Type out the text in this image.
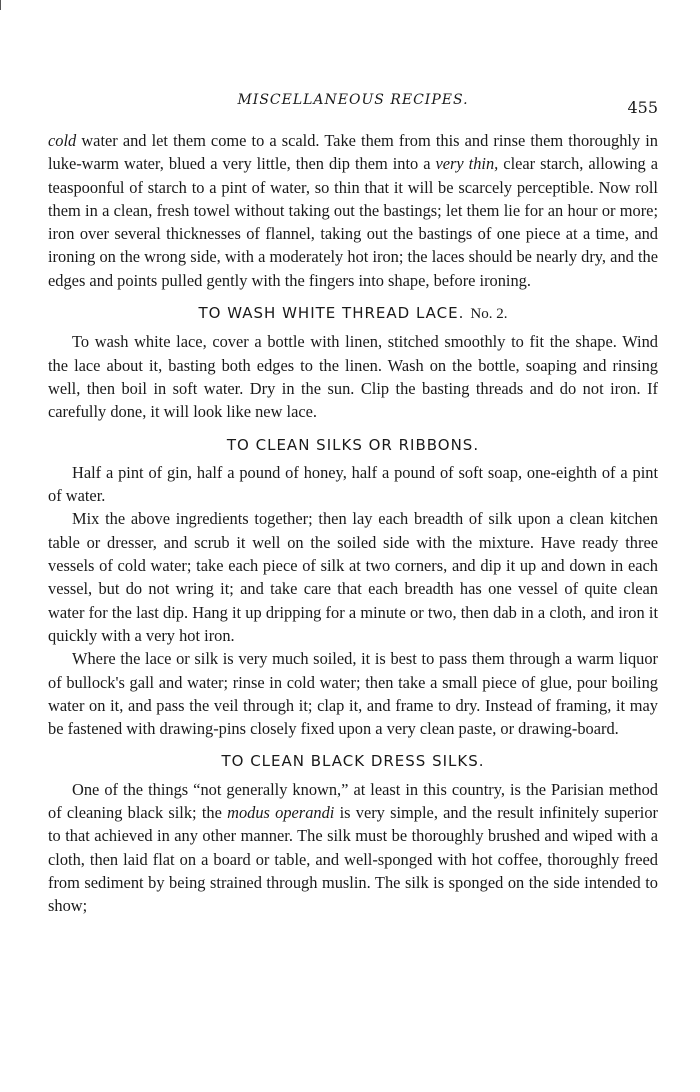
MISCELLANEOUS RECIPES.	455

cold water and let them come to a scald. Take them from this and rinse them thoroughly in luke-warm water, blued a very little, then dip them into a very thin, clear starch, allowing a teaspoonful of starch to a pint of water, so thin that it will be scarcely perceptible. Now roll them in a clean, fresh towel without taking out the bastings; let them lie for an hour or more; iron over several thicknesses of flannel, taking out the bastings of one piece at a time, and ironing on the wrong side, with a moderately hot iron; the laces should be nearly dry, and the edges and points pulled gently with the fingers into shape, before ironing.

TO WASH WHITE THREAD LACE. No. 2.

To wash white lace, cover a bottle with linen, stitched smoothly to fit the shape. Wind the lace about it, basting both edges to the linen. Wash on the bottle, soaping and rinsing well, then boil in soft water. Dry in the sun. Clip the basting threads and do not iron. If carefully done, it will look like new lace.

TO CLEAN SILKS OR RIBBONS.

Half a pint of gin, half a pound of honey, half a pound of soft soap, one-eighth of a pint of water.

Mix the above ingredients together; then lay each breadth of silk upon a clean kitchen table or dresser, and scrub it well on the soiled side with the mixture. Have ready three vessels of cold water; take each piece of silk at two corners, and dip it up and down in each vessel, but do not wring it; and take care that each breadth has one vessel of quite clean water for the last dip. Hang it up dripping for a minute or two, then dab in a cloth, and iron it quickly with a very hot iron.

Where the lace or silk is very much soiled, it is best to pass them through a warm liquor of bullock's gall and water; rinse in cold water; then take a small piece of glue, pour boiling water on it, and pass the veil through it; clap it, and frame to dry. Instead of framing, it may be fastened with drawing-pins closely fixed upon a very clean paste, or drawing-board.

TO CLEAN BLACK DRESS SILKS.

One of the things “not generally known,” at least in this country, is the Parisian method of cleaning black silk; the modus operandi is very simple, and the result infinitely superior to that achieved in any other manner. The silk must be thoroughly brushed and wiped with a cloth, then laid flat on a board or table, and well-sponged with hot coffee, thoroughly freed from sediment by being strained through muslin. The silk is sponged on the side intended to show;
